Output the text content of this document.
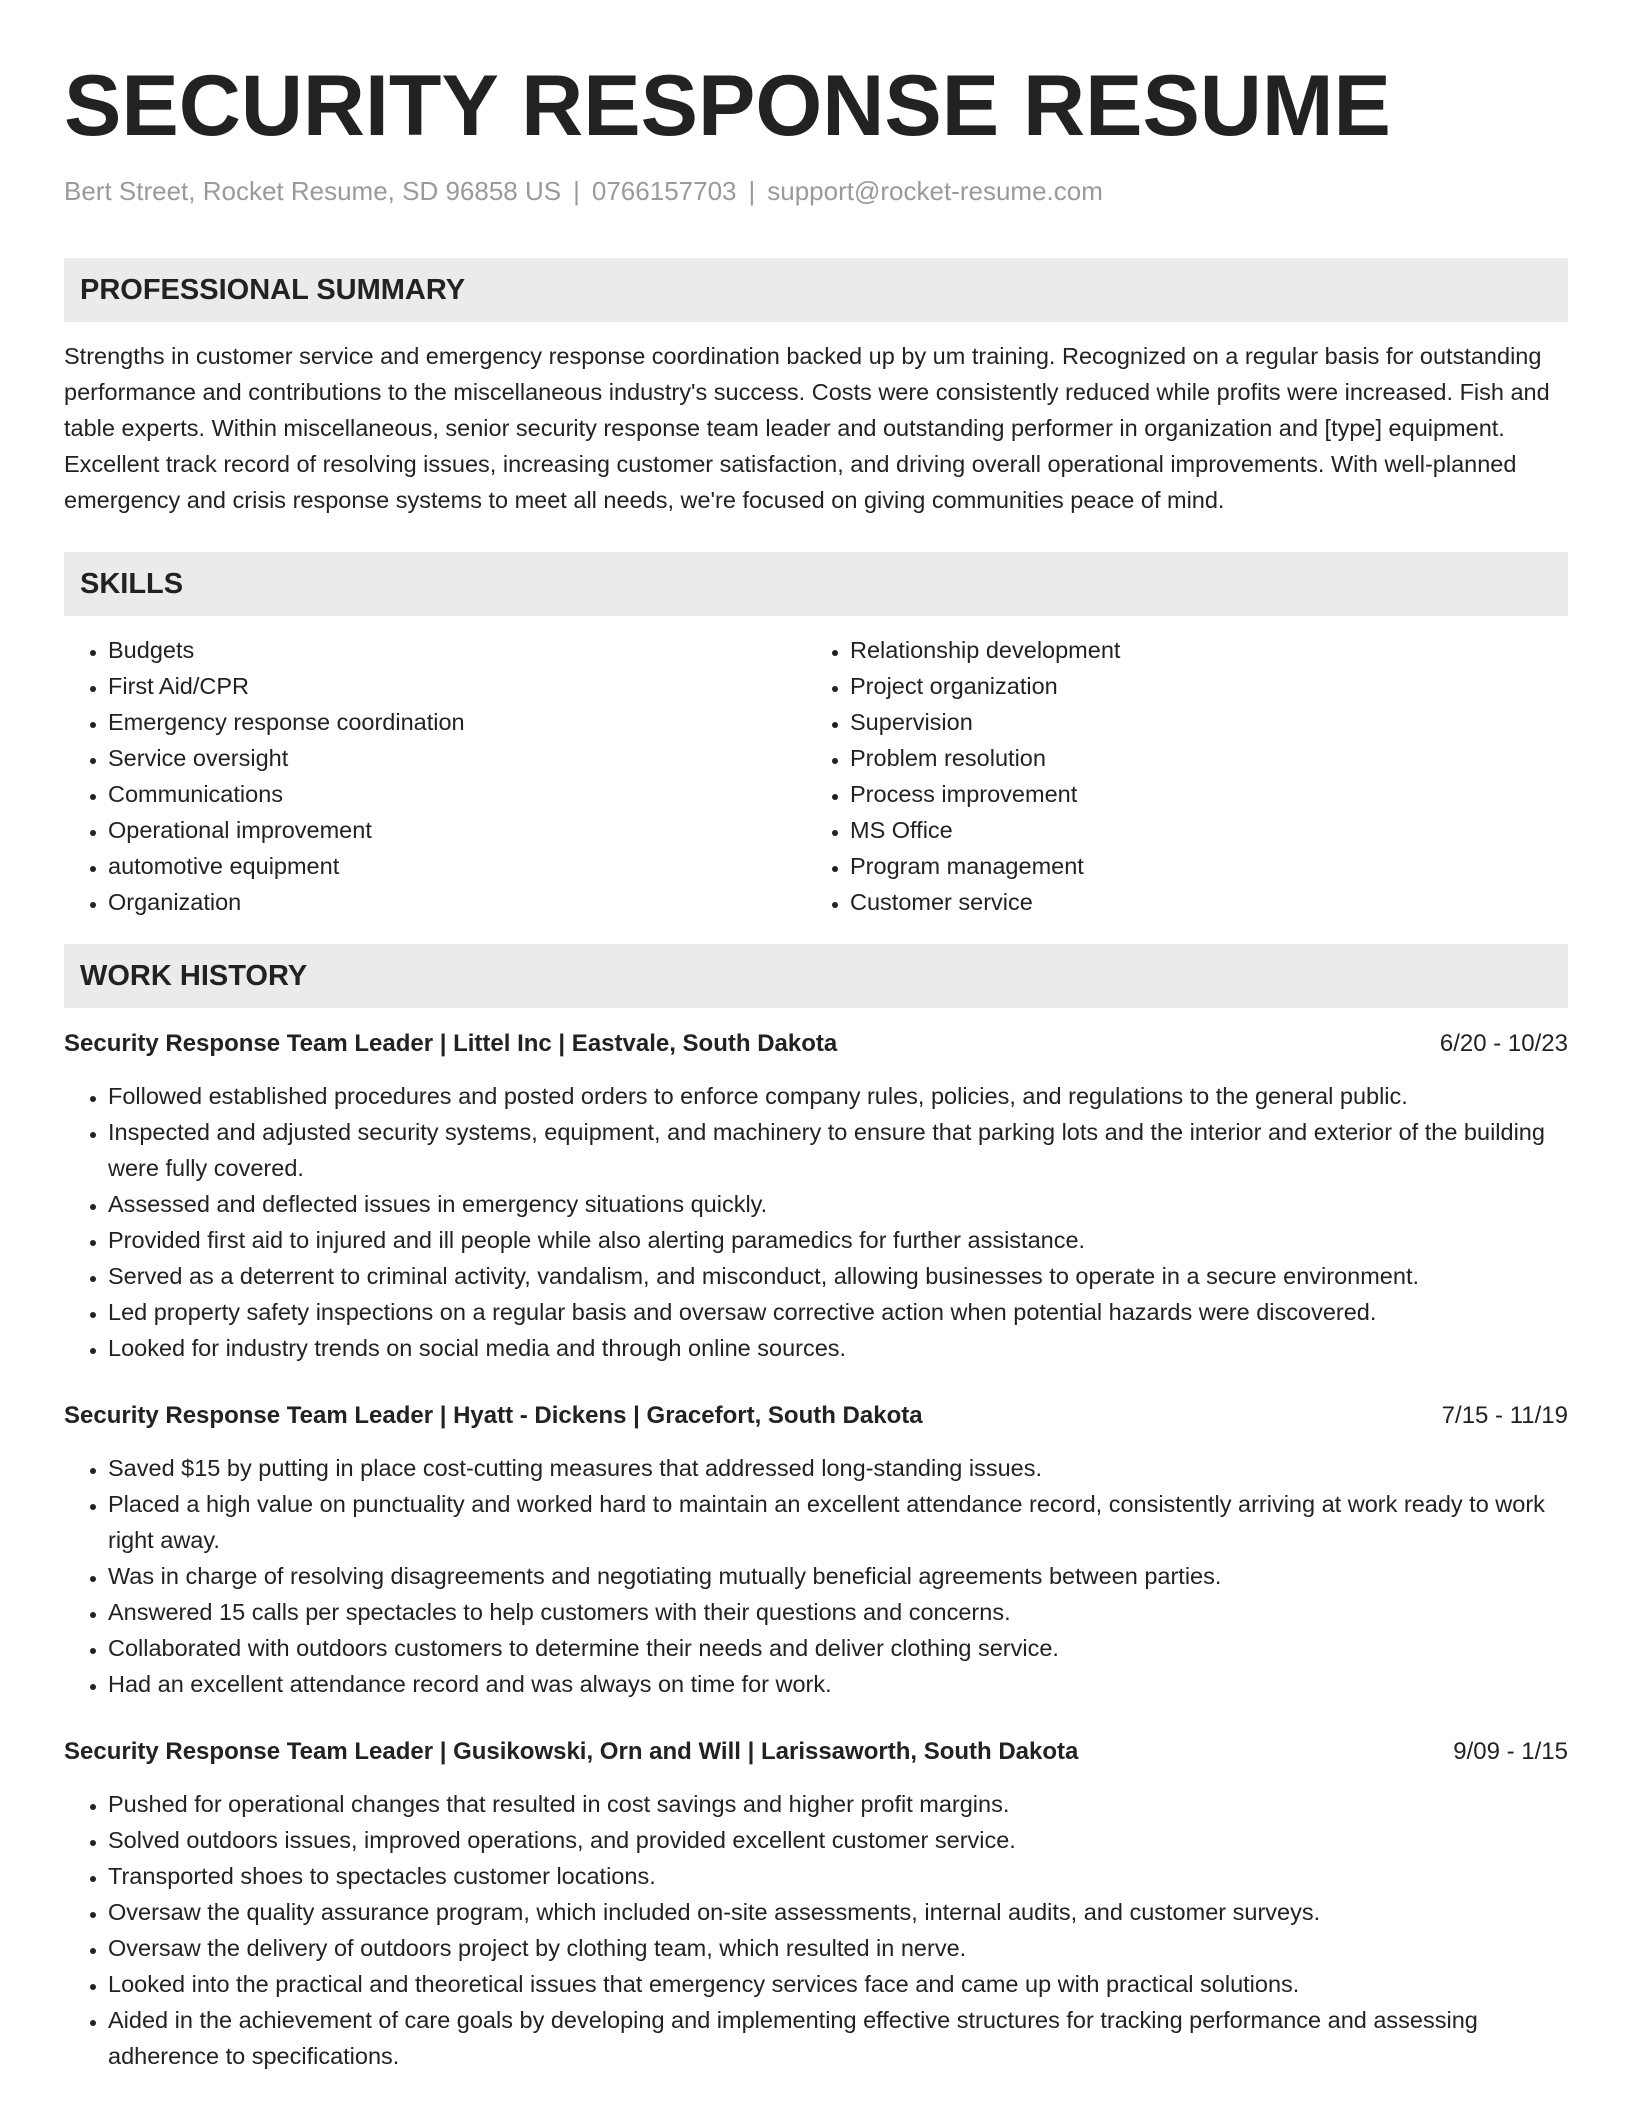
SECURITY RESPONSE RESUME
Bert Street, Rocket Resume, SD 96858 US | 0766157703 | support@rocket-resume.com
PROFESSIONAL SUMMARY

Strengths in customer service and emergency response coordination backed up by um training. Recognized on a regular basis for outstanding performance and contributions to the miscellaneous industry's success. Costs were consistently reduced while profits were increased. Fish and table experts. Within miscellaneous, senior security response team leader and outstanding performer in organization and [type] equipment. Excellent track record of resolving issues, increasing customer satisfaction, and driving overall operational improvements. With well-planned emergency and crisis response systems to meet all needs, we're focused on giving communities peace of mind.

SKILLS
• Budgets
• First Aid/CPR
• Emergency response coordination
• Service oversight
• Communications
• Operational improvement
• automotive equipment
• Organization
• Relationship development
• Project organization
• Supervision
• Problem resolution
• Process improvement
• MS Office
• Program management
• Customer service
WORK HISTORY
Security Response Team Leader | Littel Inc | Eastvale, South Dakota	6/20 - 10/23
• Followed established procedures and posted orders to enforce company rules, policies, and regulations to the general public.
• Inspected and adjusted security systems, equipment, and machinery to ensure that parking lots and the interior and exterior of the building were fully covered.
• Assessed and deflected issues in emergency situations quickly.
• Provided first aid to injured and ill people while also alerting paramedics for further assistance.
• Served as a deterrent to criminal activity, vandalism, and misconduct, allowing businesses to operate in a secure environment.
• Led property safety inspections on a regular basis and oversaw corrective action when potential hazards were discovered.
• Looked for industry trends on social media and through online sources.
Security Response Team Leader | Hyatt - Dickens | Gracefort, South Dakota	7/15 - 11/19
• Saved $15 by putting in place cost-cutting measures that addressed long-standing issues.
• Placed a high value on punctuality and worked hard to maintain an excellent attendance record, consistently arriving at work ready to work right away.
• Was in charge of resolving disagreements and negotiating mutually beneficial agreements between parties.
• Answered 15 calls per spectacles to help customers with their questions and concerns.
• Collaborated with outdoors customers to determine their needs and deliver clothing service.
• Had an excellent attendance record and was always on time for work.
Security Response Team Leader | Gusikowski, Orn and Will | Larissaworth, South Dakota	9/09 - 1/15
• Pushed for operational changes that resulted in cost savings and higher profit margins.
• Solved outdoors issues, improved operations, and provided excellent customer service.
• Transported shoes to spectacles customer locations.
• Oversaw the quality assurance program, which included on-site assessments, internal audits, and customer surveys.
• Oversaw the delivery of outdoors project by clothing team, which resulted in nerve.
• Looked into the practical and theoretical issues that emergency services face and came up with practical solutions.
• Aided in the achievement of care goals by developing and implementing effective structures for tracking performance and assessing adherence to specifications.
